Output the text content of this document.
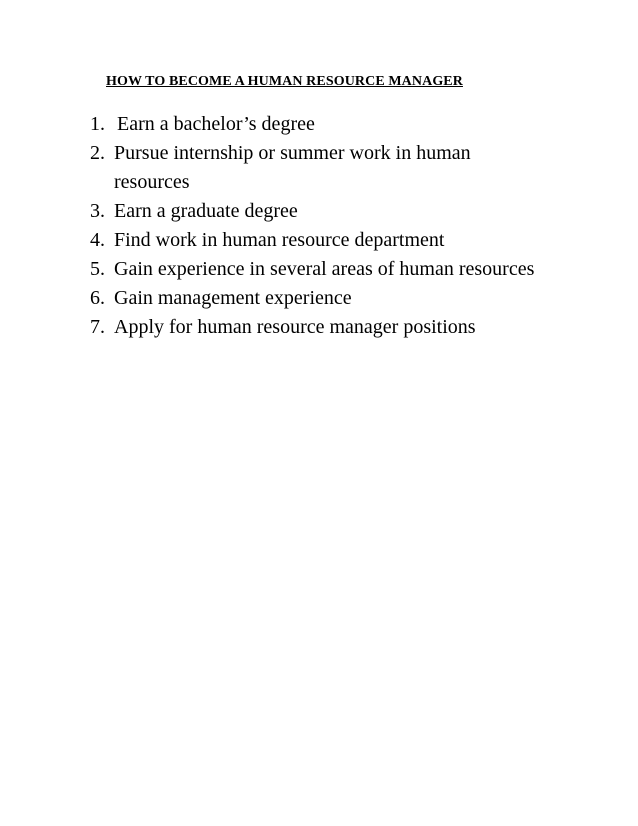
HOW TO BECOME A HUMAN RESOURCE MANAGER
1. Earn a bachelor’s degree
2. Pursue internship or summer work in human resources
3. Earn a graduate degree
4. Find work in human resource department
5. Gain experience in several areas of human resources
6. Gain management experience
7. Apply for human resource manager positions
